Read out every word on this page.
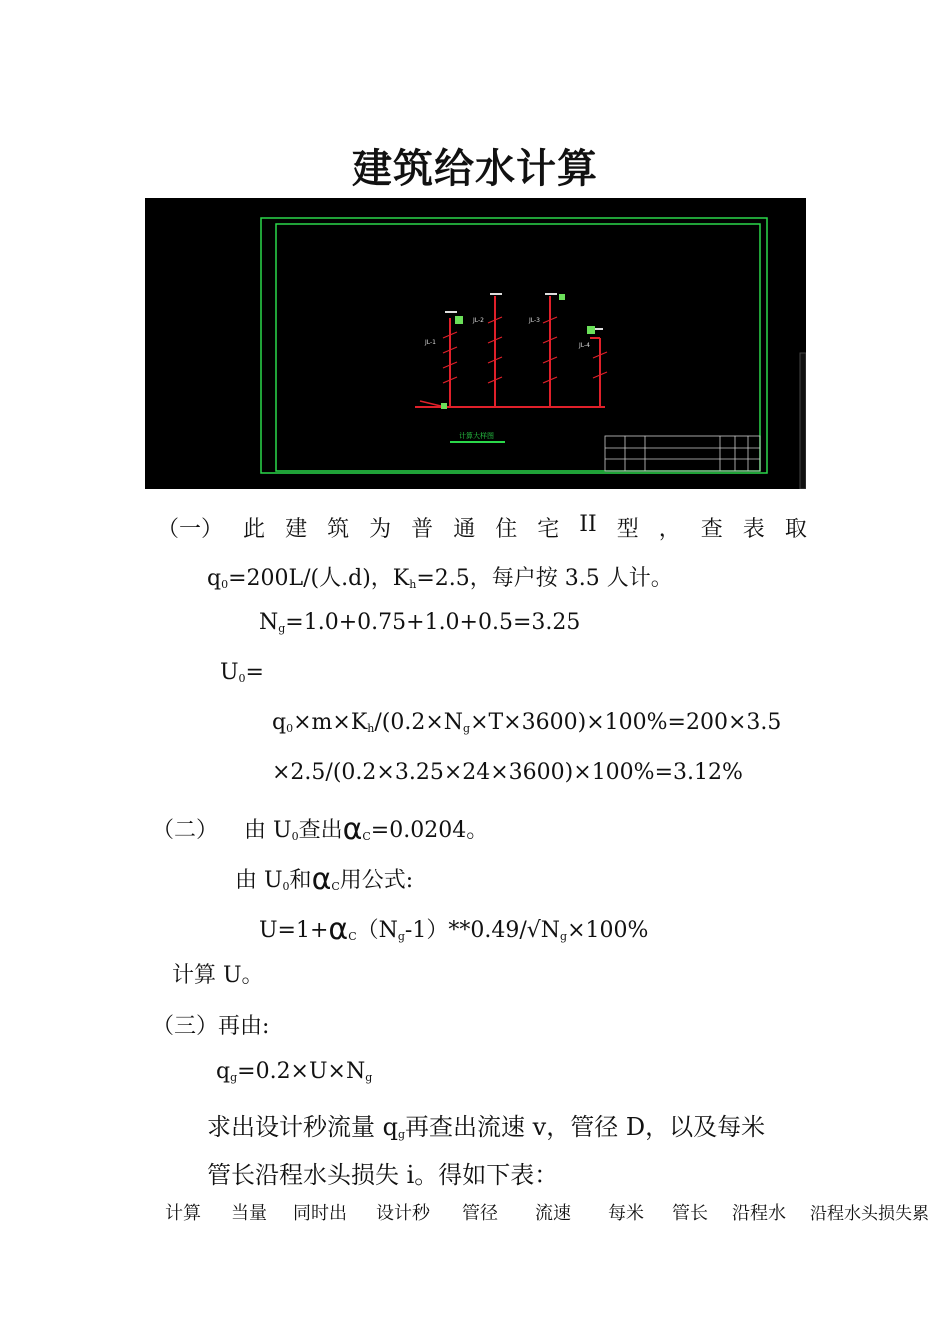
建筑给水计算
JL-1
JL-2	JL-3
JL-4
计算大样图
（一） 此 建 筑 为 普 通 住 宅 II 型 ， 查 表 取
$q_0=200L/$(人.d)，$K_h=2.5$，每户按 3.5 人计。
$N_g=1.0+0.75+1.0+0.5=3.25$
$U_0=$
$q_0\times m\times K_h/(0.2\times N_g\times T\times 3600)\times 100\%=200\times 3.5$
×2.5/(0.2×3.25×24×3600)×100%=3.12%
（二） 由 $U_0$查出$\alpha_C=0.0204$。
由 $U_0$和$\alpha_C$用公式:
$U=1+\alpha_C(N_g-1)**0.49/√N_g\times 100\%$
计算 U。
（三）再由:
$q_g=0.2\times U\times N_g$
求出设计秒流量 $q_g$再查出流速 v，管径 D，以及每米
管长沿程水头损失 i。得如下表：
计算 当量 同时出 设计秒 管径 流速 每米 管长 沿程水 沿程水头损失累
